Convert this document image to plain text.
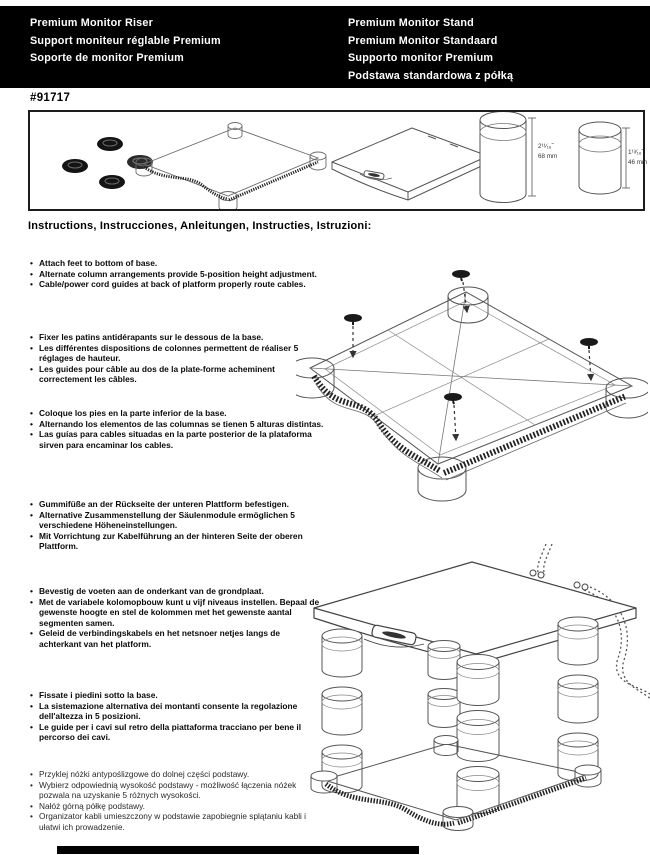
Premium Monitor Riser
Support moniteur réglable Premium
Soporte de monitor Premium
Premium Monitor Stand
Premium Monitor Standaard
Supporto monitor Premium
Podstawa standardowa z półką
#91717
2¹¹⁄₁₆˝
68 mm
1¹³⁄₁₆˝
46 mm
Instructions, Instrucciones, Anleitungen, Instructies, Istruzioni:
• Attach feet to bottom of base.
• Alternate column arrangements provide 5-position height adjustment.
• Cable/power cord guides at back of platform properly route cables.
• Fixer les patins antidérapants sur le dessous de la base.
• Les différentes dispositions de colonnes permettent de réaliser 5 réglages de hauteur.
• Les guides pour câble au dos de la plate-forme acheminent correctement les câbles.
• Coloque los pies en la parte inferior de la base.
• Alternando los elementos de las columnas se tienen 5 alturas distintas.
• Las guías para cables situadas en la parte posterior de la plataforma sirven para encaminar los cables.
• Gummifüße an der Rückseite der unteren Plattform befestigen.
• Alternative Zusammenstellung der Säulenmodule ermöglichen 5 verschiedene Höheneinstellungen.
• Mit Vorrichtung zur Kabelführung an der hinteren Seite der oberen Plattform.
• Bevestig de voeten aan de onderkant van de grondplaat.
• Met de variabele kolomopbouw kunt u vijf niveaus instellen. Bepaal de gewenste hoogte en stel de kolommen met het gewenste aantal segmenten samen.
• Geleid de verbindingskabels en het netsnoer netjes langs de achterkant van het platform.
• Fissate i piedini sotto la base.
• La sistemazione alternativa dei montanti consente la regolazione dell'altezza in 5 posizioni.
• Le guide per i cavi sul retro della piattaforma tracciano per bene il percorso dei cavi.
• Przyklej nóżki antypoślizgowe do dolnej części podstawy.
• Wybierz odpowiednią wysokość podstawy - możliwość łączenia nóżek pozwala na uzyskanie 5 różnych wysokości.
• Nałóż górną półkę podstawy.
• Organizator kabli umieszczony w podstawie zapobiegnie splątaniu kabli i ułatwi ich prowadzenie.
